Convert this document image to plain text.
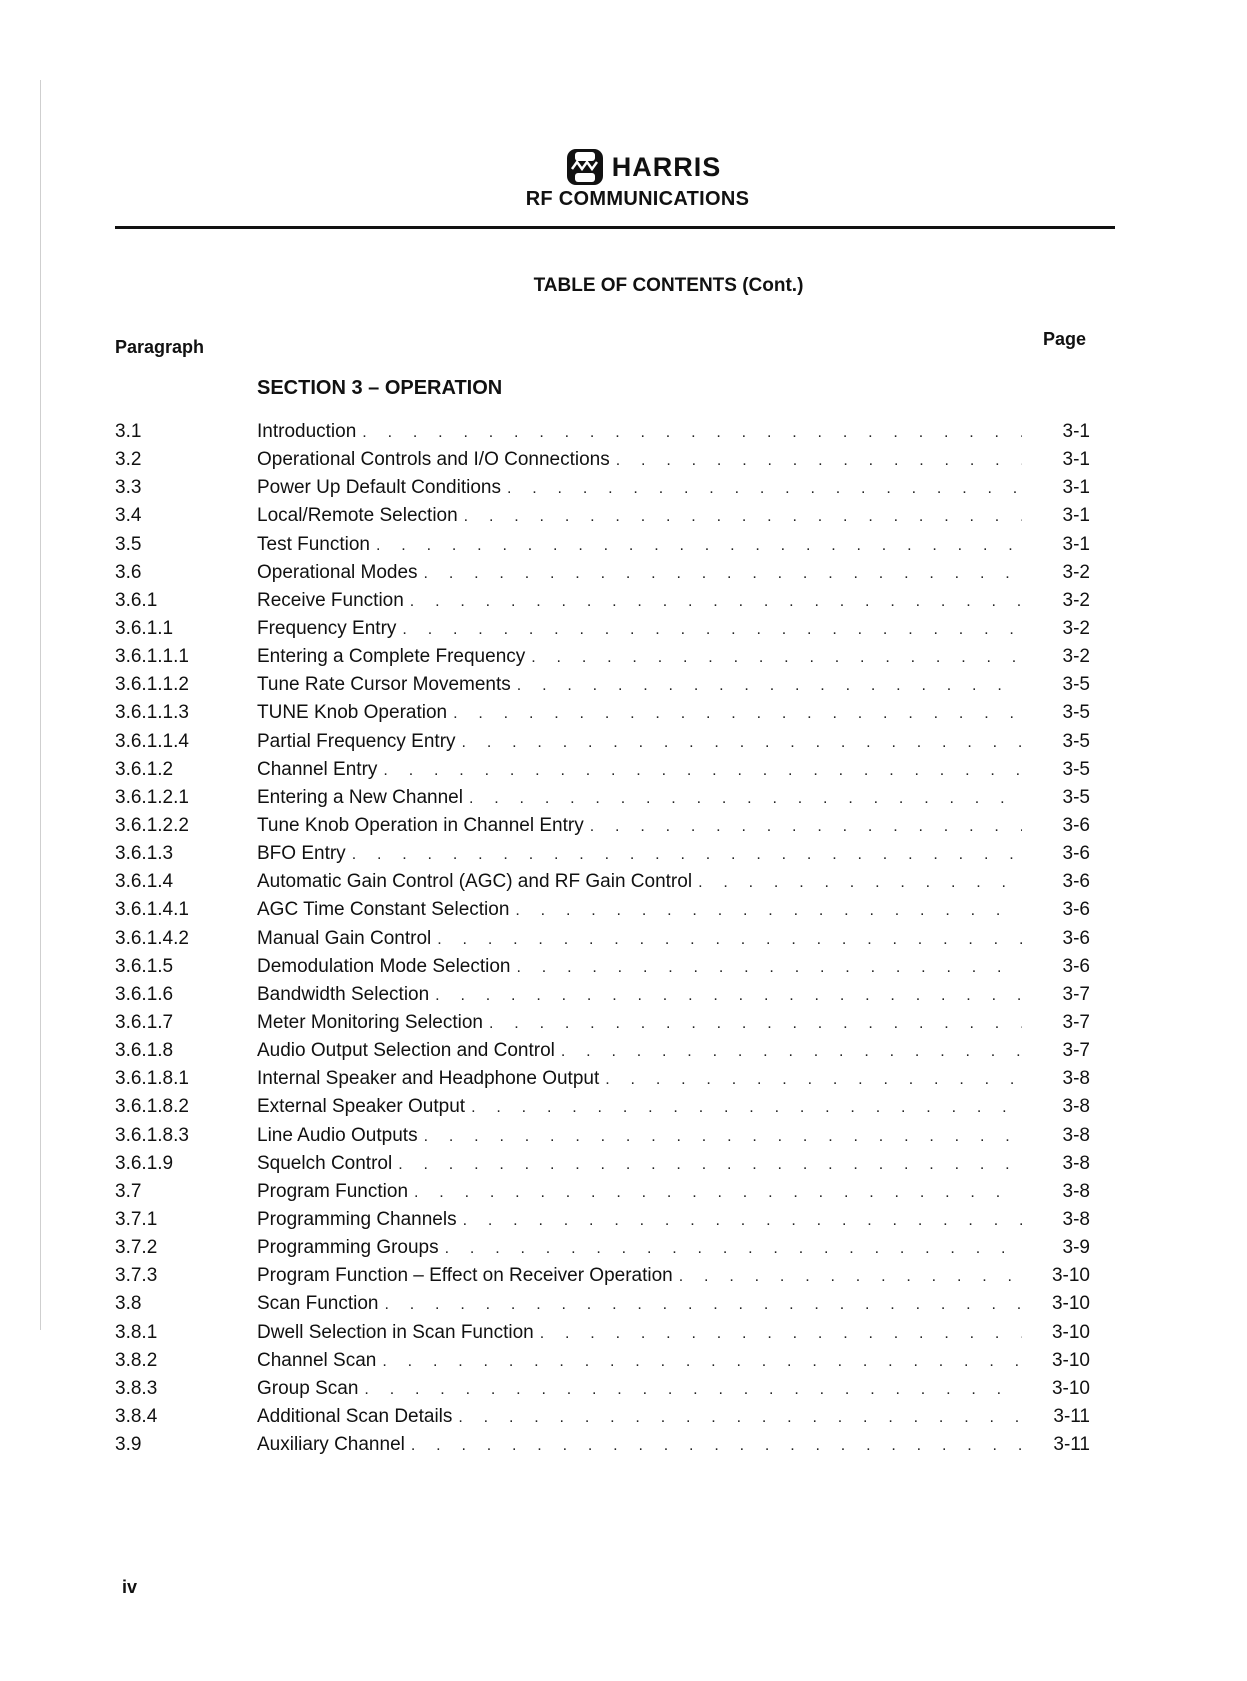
HARRIS
RF COMMUNICATIONS
TABLE OF CONTENTS (Cont.)
Paragraph	Page
SECTION 3 – OPERATION
3.1	Introduction . . .	3-1
3.2	Operational Controls and I/O Connections . . .	3-1
3.3	Power Up Default Conditions . . .	3-1
3.4	Local/Remote Selection . . .	3-1
3.5	Test Function . . .	3-1
3.6	Operational Modes . . .	3-2
3.6.1	Receive Function . . .	3-2
3.6.1.1	Frequency Entry . . .	3-2
3.6.1.1.1	Entering a Complete Frequency . . .	3-2
3.6.1.1.2	Tune Rate Cursor Movements . . .	3-5
3.6.1.1.3	TUNE Knob Operation . . .	3-5
3.6.1.1.4	Partial Frequency Entry . . .	3-5
3.6.1.2	Channel Entry . . .	3-5
3.6.1.2.1	Entering a New Channel . . .	3-5
3.6.1.2.2	Tune Knob Operation in Channel Entry . . .	3-6
3.6.1.3	BFO Entry . . .	3-6
3.6.1.4	Automatic Gain Control (AGC) and RF Gain Control . . .	3-6
3.6.1.4.1	AGC Time Constant Selection . . .	3-6
3.6.1.4.2	Manual Gain Control . . .	3-6
3.6.1.5	Demodulation Mode Selection . . .	3-6
3.6.1.6	Bandwidth Selection . . .	3-7
3.6.1.7	Meter Monitoring Selection . . .	3-7
3.6.1.8	Audio Output Selection and Control . . .	3-7
3.6.1.8.1	Internal Speaker and Headphone Output . . .	3-8
3.6.1.8.2	External Speaker Output . . .	3-8
3.6.1.8.3	Line Audio Outputs . . .	3-8
3.6.1.9	Squelch Control . . .	3-8
3.7	Program Function . . .	3-8
3.7.1	Programming Channels . . .	3-8
3.7.2	Programming Groups . . .	3-9
3.7.3	Program Function – Effect on Receiver Operation . . .	3-10
3.8	Scan Function . . .	3-10
3.8.1	Dwell Selection in Scan Function . . .	3-10
3.8.2	Channel Scan . . .	3-10
3.8.3	Group Scan . . .	3-10
3.8.4	Additional Scan Details . . .	3-11
3.9	Auxiliary Channel . . .	3-11
iv
